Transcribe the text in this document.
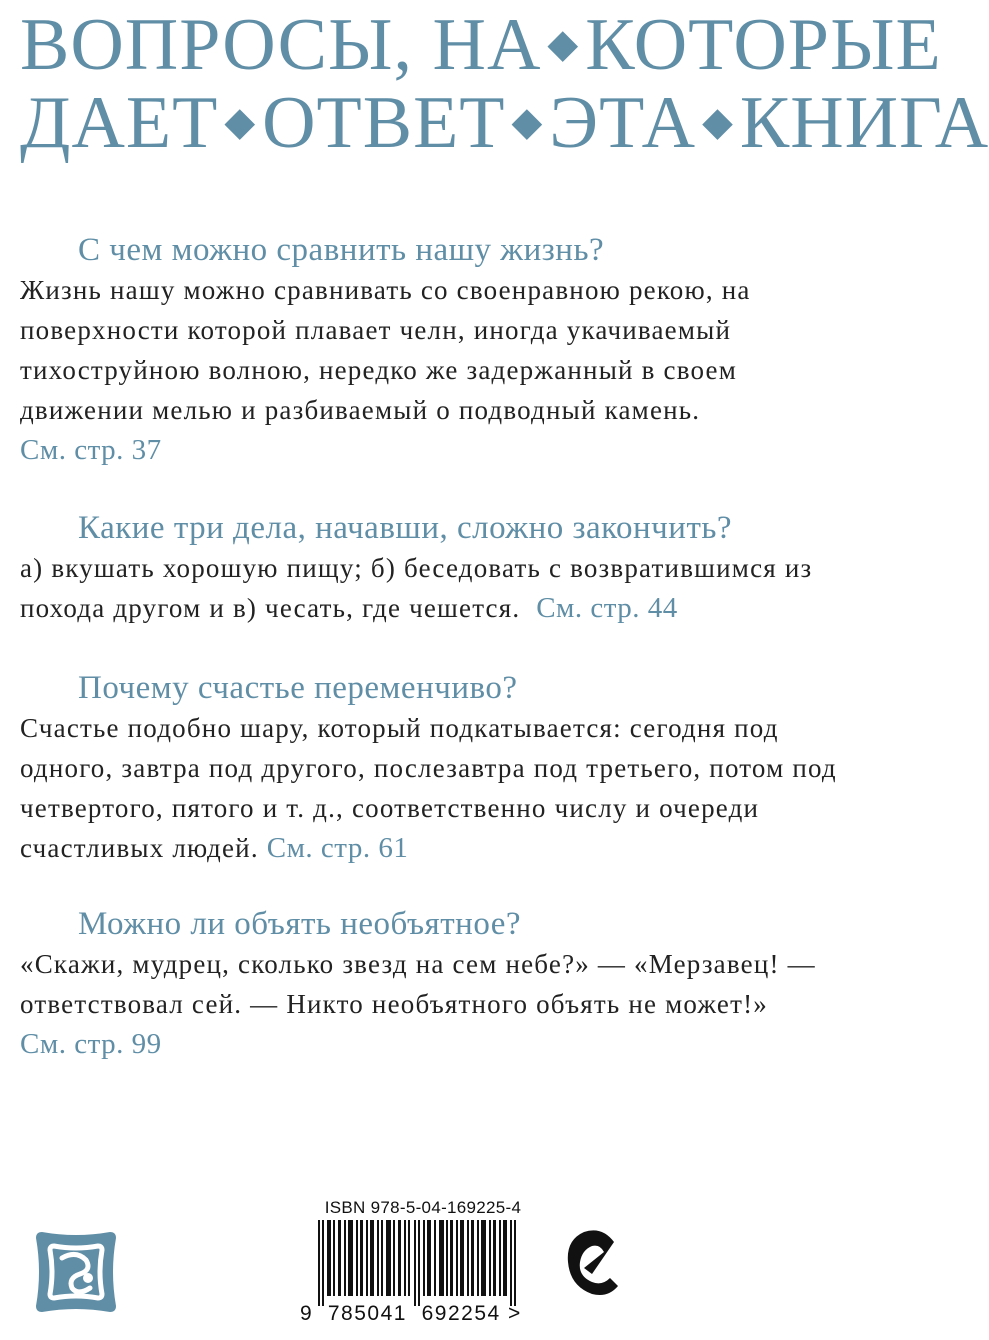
ВОПРОСЫ, НА ◆КОТОРЫЕ
ДАЕТ ◆ОТВЕТ ◆ЭТА ◆КНИГА
С чем можно сравнить нашу жизнь?
Жизнь нашу можно сравнивать со своенравною рекою, на поверхности которой плавает челн, иногда укачиваемый тихоструйною волною, нередко же задержанный в своем движении мелью и разбиваемый о подводный камень.
См. стр. 37
Какие три дела, начавши, сложно закончить?
а) вкушать хорошую пищу; б) беседовать с возвратившимся из похода другом и в) чесать, где чешется. См. стр. 44
Почему счастье переменчиво?
Счастье подобно шару, который подкатывается: сегодня под одного, завтра под другого, послезавтра под третьего, потом под четвертого, пятого и т. д., соответственно числу и очереди счастливых людей. См. стр. 61
Можно ли объять необъятное?
«Скажи, мудрец, сколько звезд на сем небе?» — «Мерзавец! — ответствовал сей. — Никто необъятного объять не может!»
См. стр. 99
ISBN 978-5-04-169225-4
9 785041 692254 >
